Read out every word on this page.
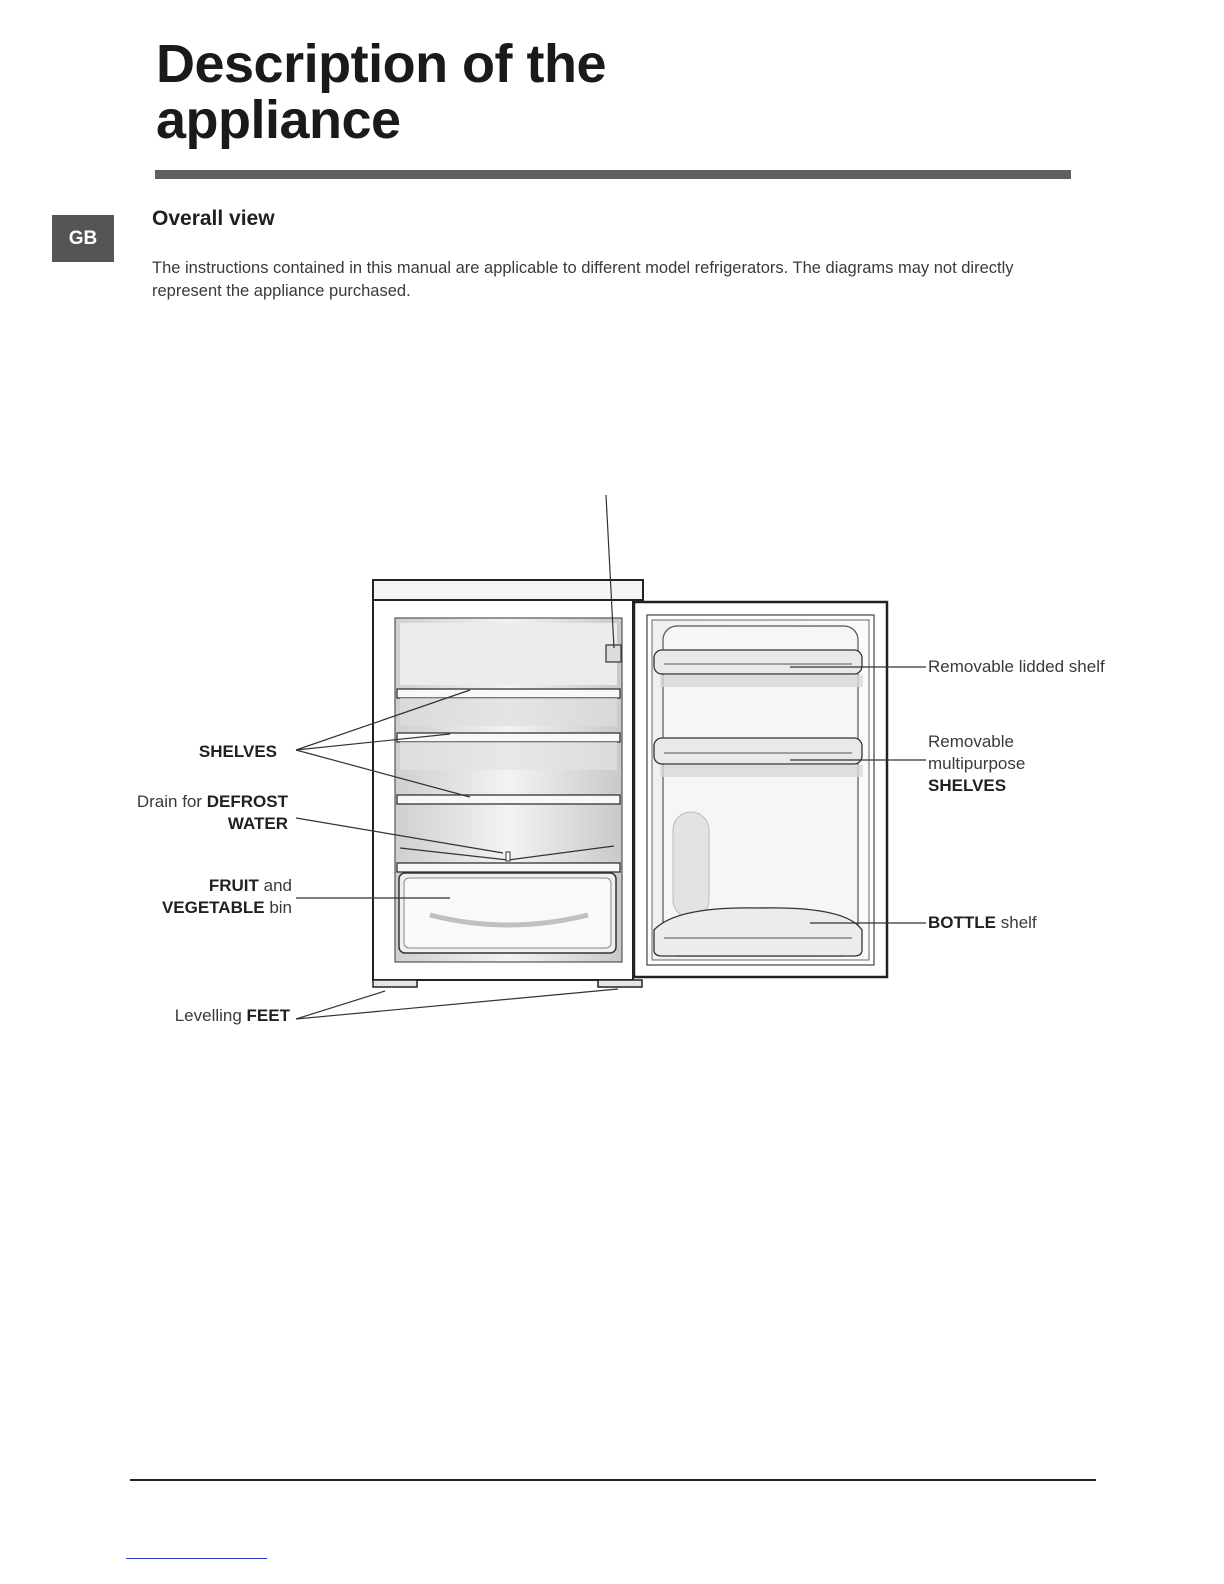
Description of the
appliance
GB
Overall view

The instructions contained in this manual are applicable to different model refrigerators. The diagrams may not directly represent the appliance purchased.

SHELVES
Drain for DEFROST
WATER
FRUIT and
VEGETABLE bin
Levelling FEET
Removable lidded shelf
Removable
multipurpose
SHELVES
BOTTLE shelf
